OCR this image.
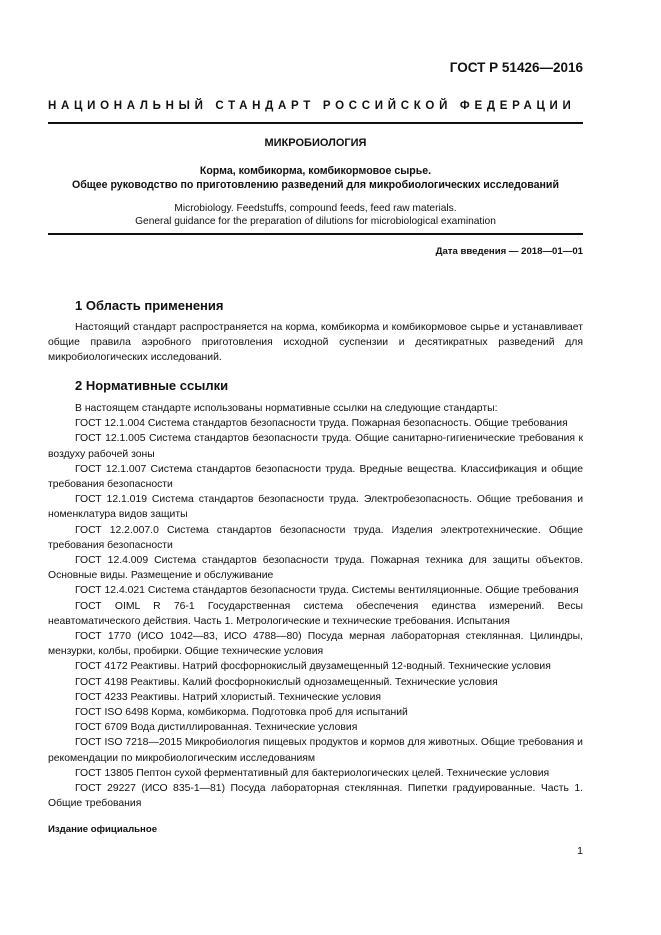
ГОСТ Р 51426—2016
НАЦИОНАЛЬНЫЙ СТАНДАРТ РОССИЙСКОЙ ФЕДЕРАЦИИ
МИКРОБИОЛОГИЯ
Корма, комбикорма, комбикормовое сырье.
Общее руководство по приготовлению разведений для микробиологических исследований
Microbiology. Feedstuffs, compound feeds, feed raw materials.
General guidance for the preparation of dilutions for microbiological examination
Дата введения — 2018—01—01
1 Область применения
Настоящий стандарт распространяется на корма, комбикорма и комбикормовое сырье и устанавливает общие правила аэробного приготовления исходной суспензии и десятикратных разведений для микробиологических исследований.
2 Нормативные ссылки
В настоящем стандарте использованы нормативные ссылки на следующие стандарты:
ГОСТ 12.1.004 Система стандартов безопасности труда. Пожарная безопасность. Общие требования
ГОСТ 12.1.005 Система стандартов безопасности труда. Общие санитарно-гигиенические требования к воздуху рабочей зоны
ГОСТ 12.1.007 Система стандартов безопасности труда. Вредные вещества. Классификация и общие требования безопасности
ГОСТ 12.1.019 Система стандартов безопасности труда. Электробезопасность. Общие требования и номенклатура видов защиты
ГОСТ 12.2.007.0 Система стандартов безопасности труда. Изделия электротехнические. Общие требования безопасности
ГОСТ 12.4.009 Система стандартов безопасности труда. Пожарная техника для защиты объектов. Основные виды. Размещение и обслуживание
ГОСТ 12.4.021 Система стандартов безопасности труда. Системы вентиляционные. Общие требования
ГОСТ OIML R 76-1 Государственная система обеспечения единства измерений. Весы неавтоматического действия. Часть 1. Метрологические и технические требования. Испытания
ГОСТ 1770 (ИСО 1042—83, ИСО 4788—80) Посуда мерная лабораторная стеклянная. Цилиндры, мензурки, колбы, пробирки. Общие технические условия
ГОСТ 4172 Реактивы. Натрий фосфорнокислый двузамещенный 12-водный. Технические условия
ГОСТ 4198 Реактивы. Калий фосфорнокислый однозамещенный. Технические условия
ГОСТ 4233 Реактивы. Натрий хлористый. Технические условия
ГОСТ ISO 6498 Корма, комбикорма. Подготовка проб для испытаний
ГОСТ 6709 Вода дистиллированная. Технические условия
ГОСТ ISO 7218—2015 Микробиология пищевых продуктов и кормов для животных. Общие требования и рекомендации по микробиологическим исследованиям
ГОСТ 13805 Пептон сухой ферментативный для бактериологических целей. Технические условия
ГОСТ 29227 (ИСО 835-1—81) Посуда лабораторная стеклянная. Пипетки градуированные. Часть 1. Общие требования
Издание официальное
1
